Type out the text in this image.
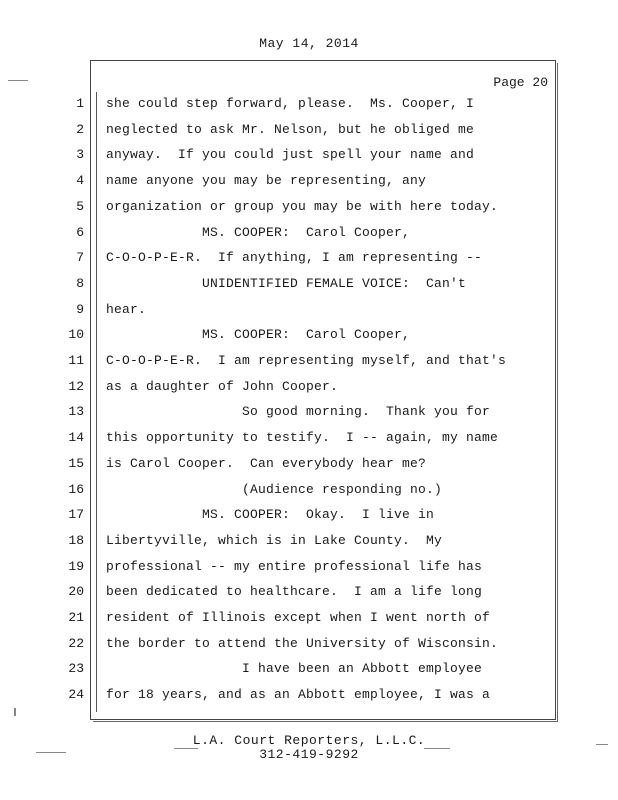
May 14, 2014
Page 20
1 she could step forward, please.  Ms. Cooper, I
2 neglected to ask Mr. Nelson, but he obliged me
3 anyway.  If you could just spell your name and
4 name anyone you may be representing, any
5 organization or group you may be with here today.
6 MS. COOPER:  Carol Cooper,
7 C-O-O-P-E-R.  If anything, I am representing --
8 UNIDENTIFIED FEMALE VOICE:  Can't
9 hear.
10 MS. COOPER:  Carol Cooper,
11 C-O-O-P-E-R.  I am representing myself, and that's
12 as a daughter of John Cooper.
13 So good morning.  Thank you for
14 this opportunity to testify.  I -- again, my name
15 is Carol Cooper.  Can everybody hear me?
16 (Audience responding no.)
17 MS. COOPER:  Okay.  I live in
18 Libertyville, which is in Lake County.  My
19 professional -- my entire professional life has
20 been dedicated to healthcare.  I am a life long
21 resident of Illinois except when I went north of
22 the border to attend the University of Wisconsin.
23 I have been an Abbott employee
24 for 18 years, and as an Abbott employee, I was a
L.A. Court Reporters, L.L.C.
312-419-9292
